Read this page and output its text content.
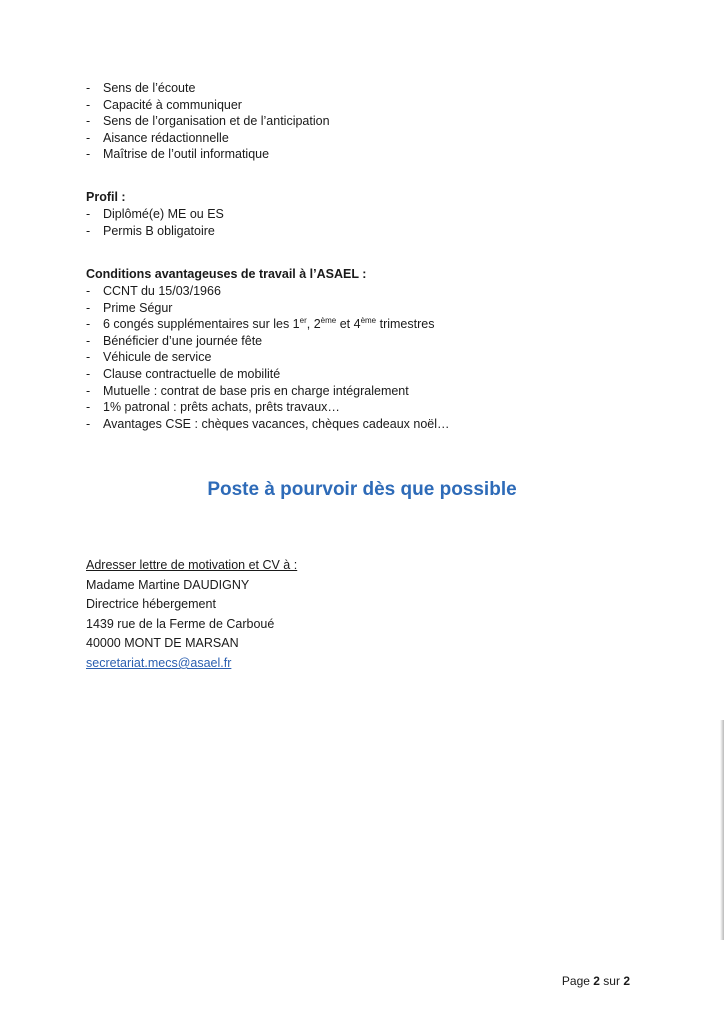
- Sens de l’écoute
- Capacité à communiquer
- Sens de l’organisation et de l’anticipation
- Aisance rédactionnelle
- Maîtrise de l’outil informatique
Profil :
- Diplômé(e) ME ou ES
- Permis B obligatoire
Conditions avantageuses de travail à l’ASAEL :
- CCNT du 15/03/1966
- Prime Ségur
- 6 congés supplémentaires sur les 1er, 2ème et 4ème trimestres
- Bénéficier d’une journée fête
- Véhicule de service
- Clause contractuelle de mobilité
- Mutuelle : contrat de base pris en charge intégralement
- 1% patronal : prêts achats, prêts travaux…
- Avantages CSE : chèques vacances, chèques cadeaux noël…
Poste à pourvoir dès que possible
Adresser lettre de motivation et CV à :
Madame Martine DAUDIGNY
Directrice hébergement
1439 rue de la Ferme de Carboué
40000 MONT DE MARSAN
secretariat.mecs@asael.fr
Page 2 sur 2
